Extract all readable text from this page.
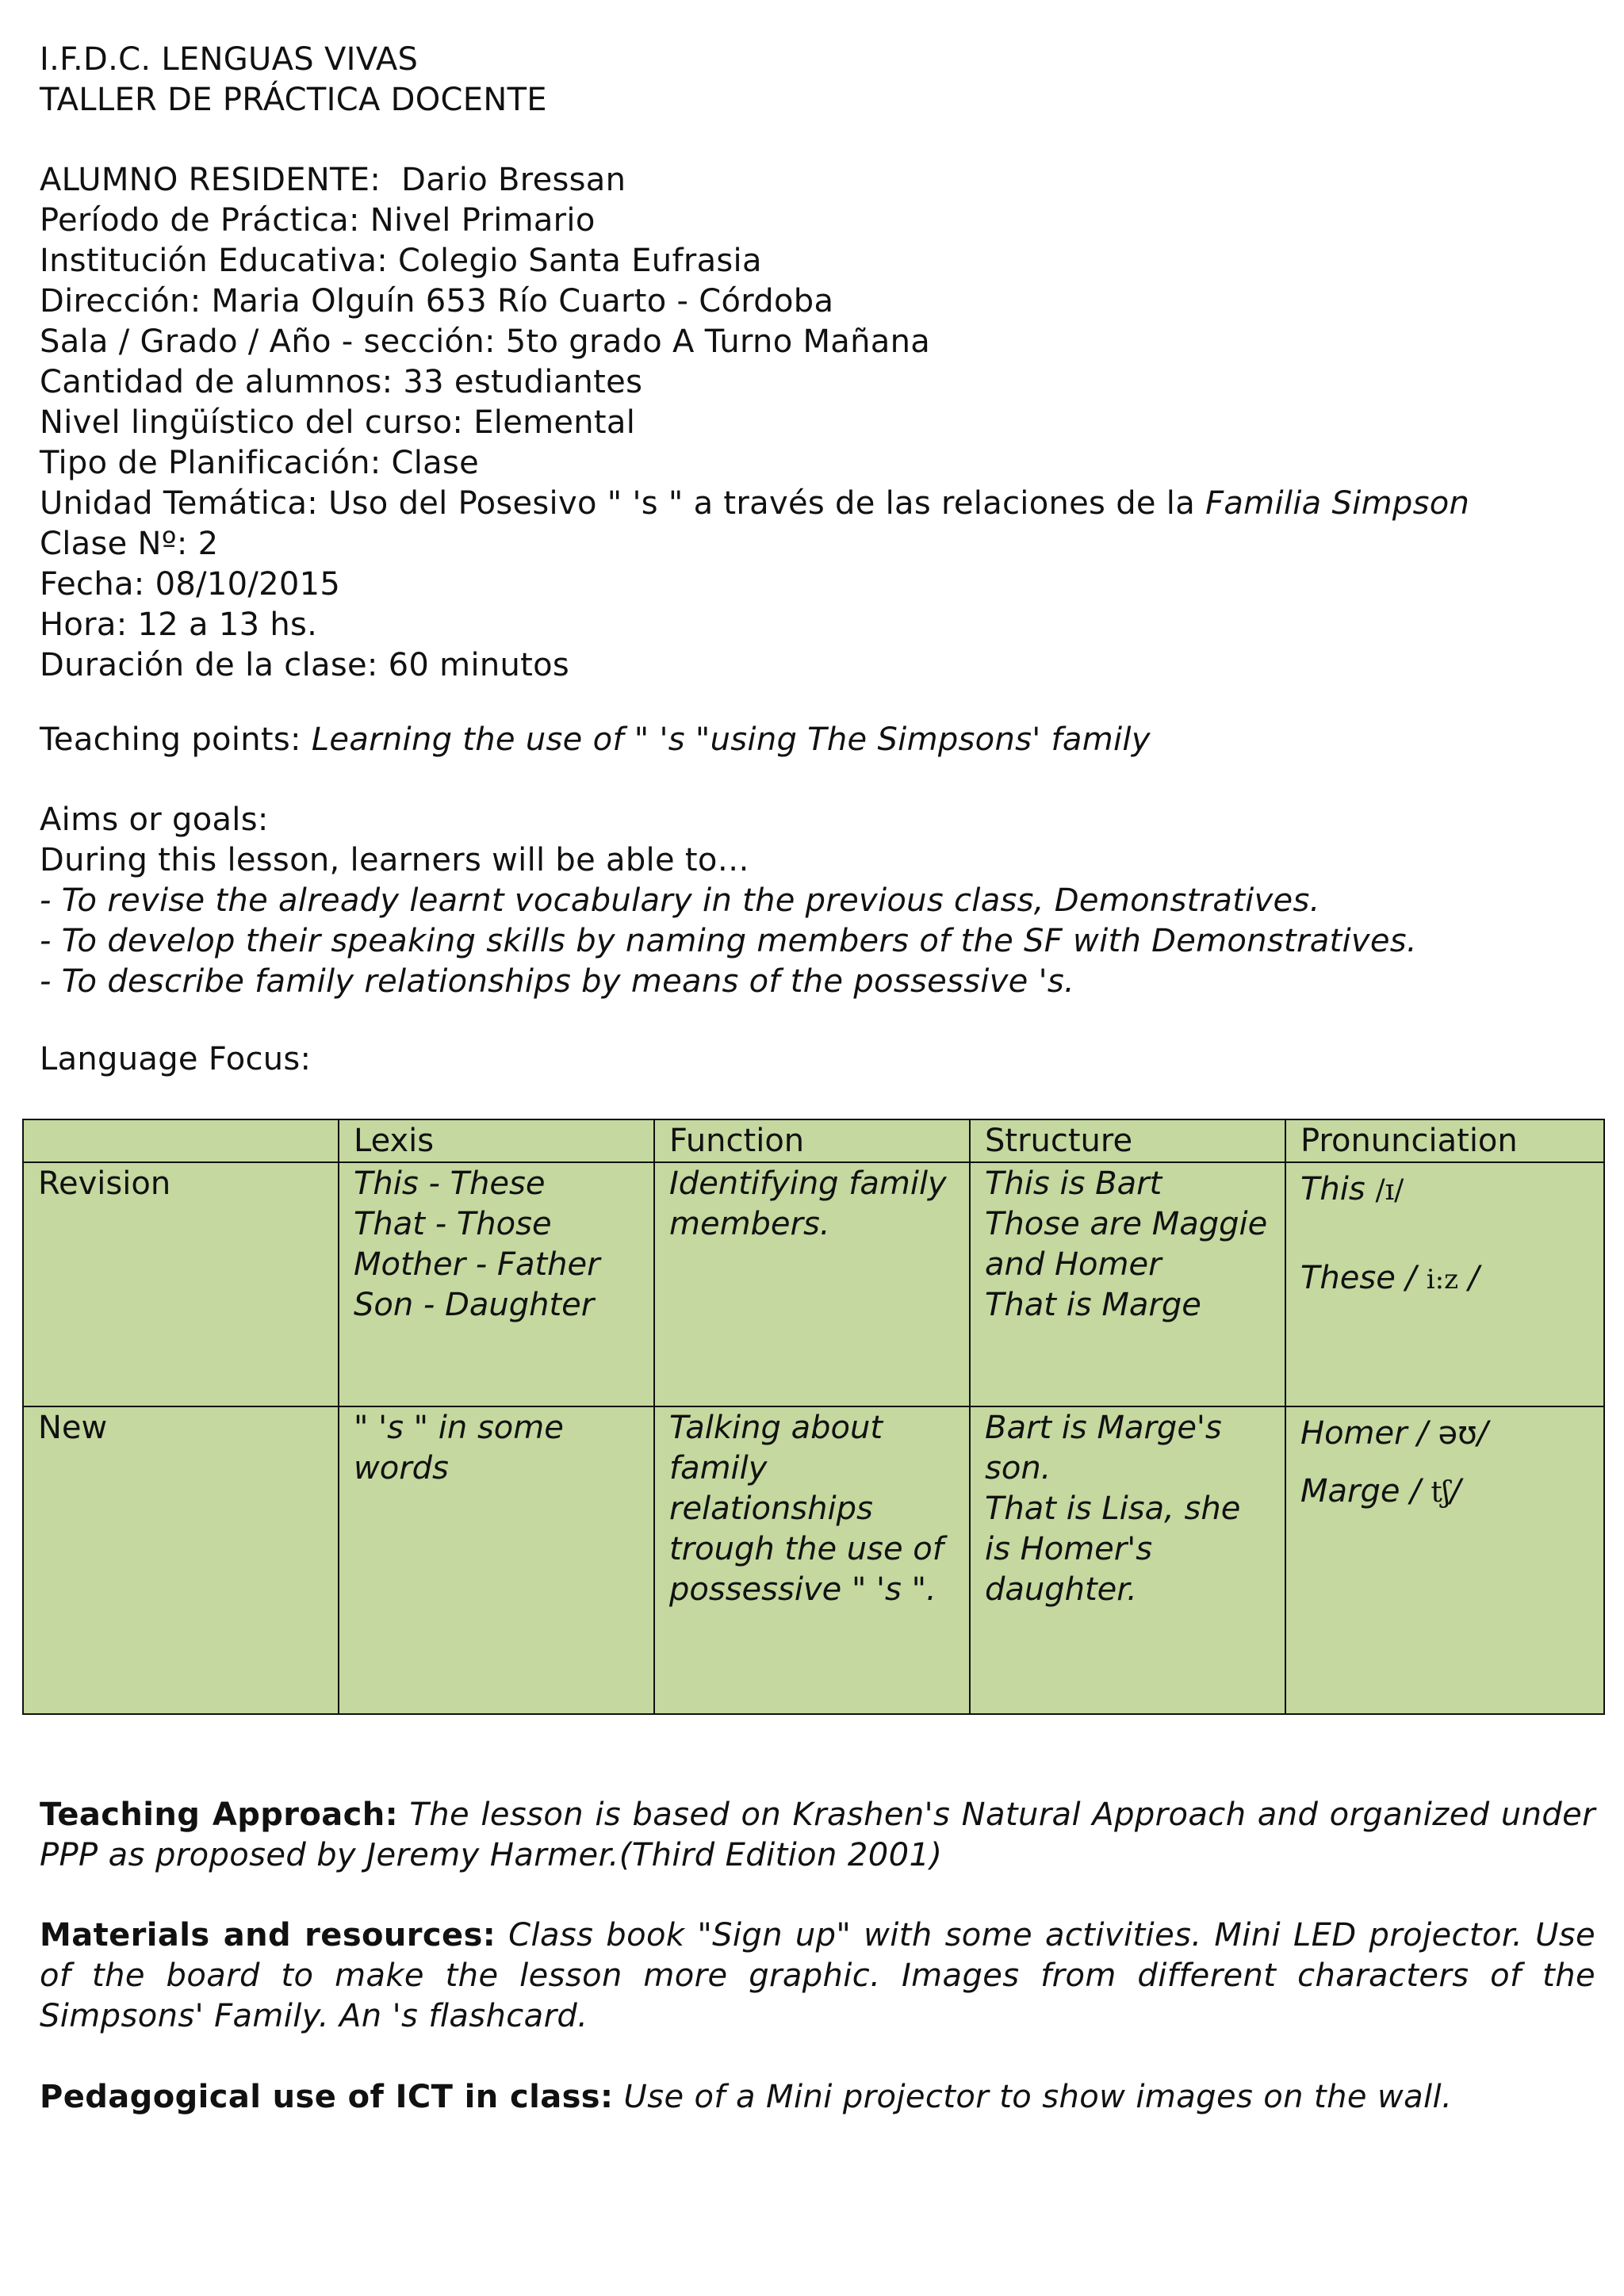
I.F.D.C. LENGUAS VIVAS
TALLER DE PRÁCTICA DOCENTE
ALUMNO RESIDENTE:  Dario Bressan
Período de Práctica: Nivel Primario
Institución Educativa: Colegio Santa Eufrasia
Dirección: Maria Olguín 653 Río Cuarto - Córdoba
Sala / Grado / Año - sección: 5to grado A Turno Mañana
Cantidad de alumnos: 33 estudiantes
Nivel lingüístico del curso: Elemental
Tipo de Planificación: Clase
Unidad Temática: Uso del Posesivo " 's " a través de las relaciones de la Familia Simpson
Clase Nº: 2
Fecha: 08/10/2015
Hora: 12 a 13 hs.
Duración de la clase: 60 minutos
Teaching points: Learning the use of " 's "using The Simpsons' family
Aims or goals:
During this lesson, learners will be able to…
- To revise the already learnt vocabulary in the previous class, Demonstratives.
- To develop their speaking skills by naming members of the SF with Demonstratives.
- To describe family relationships by means of the possessive 's.
Language Focus:
	Lexis	Function	Structure	Pronunciation
Revision	This - These
That - Those
Mother - Father
Son - Daughter	Identifying family members.	This is Bart
Those are Maggie and Homer
That is Marge	This /ɪ/
These / i:z /

New	" 's " in some words	Talking about family relationships trough the use of possessive " 's ".	Bart is Marge's son.
That is Lisa, she is Homer's daughter.	Homer / əʊ/
Marge / tʃ/
Teaching Approach: The lesson is based on Krashen's Natural Approach and organized under PPP as proposed by Jeremy Harmer.(Third Edition 2001)
Materials and resources: Class book "Sign up" with some activities. Mini LED projector. Use of the board to make the lesson more graphic. Images from different characters of the Simpsons' Family. An 's flashcard.
Pedagogical use of ICT in class: Use of a Mini projector to show images on the wall.
